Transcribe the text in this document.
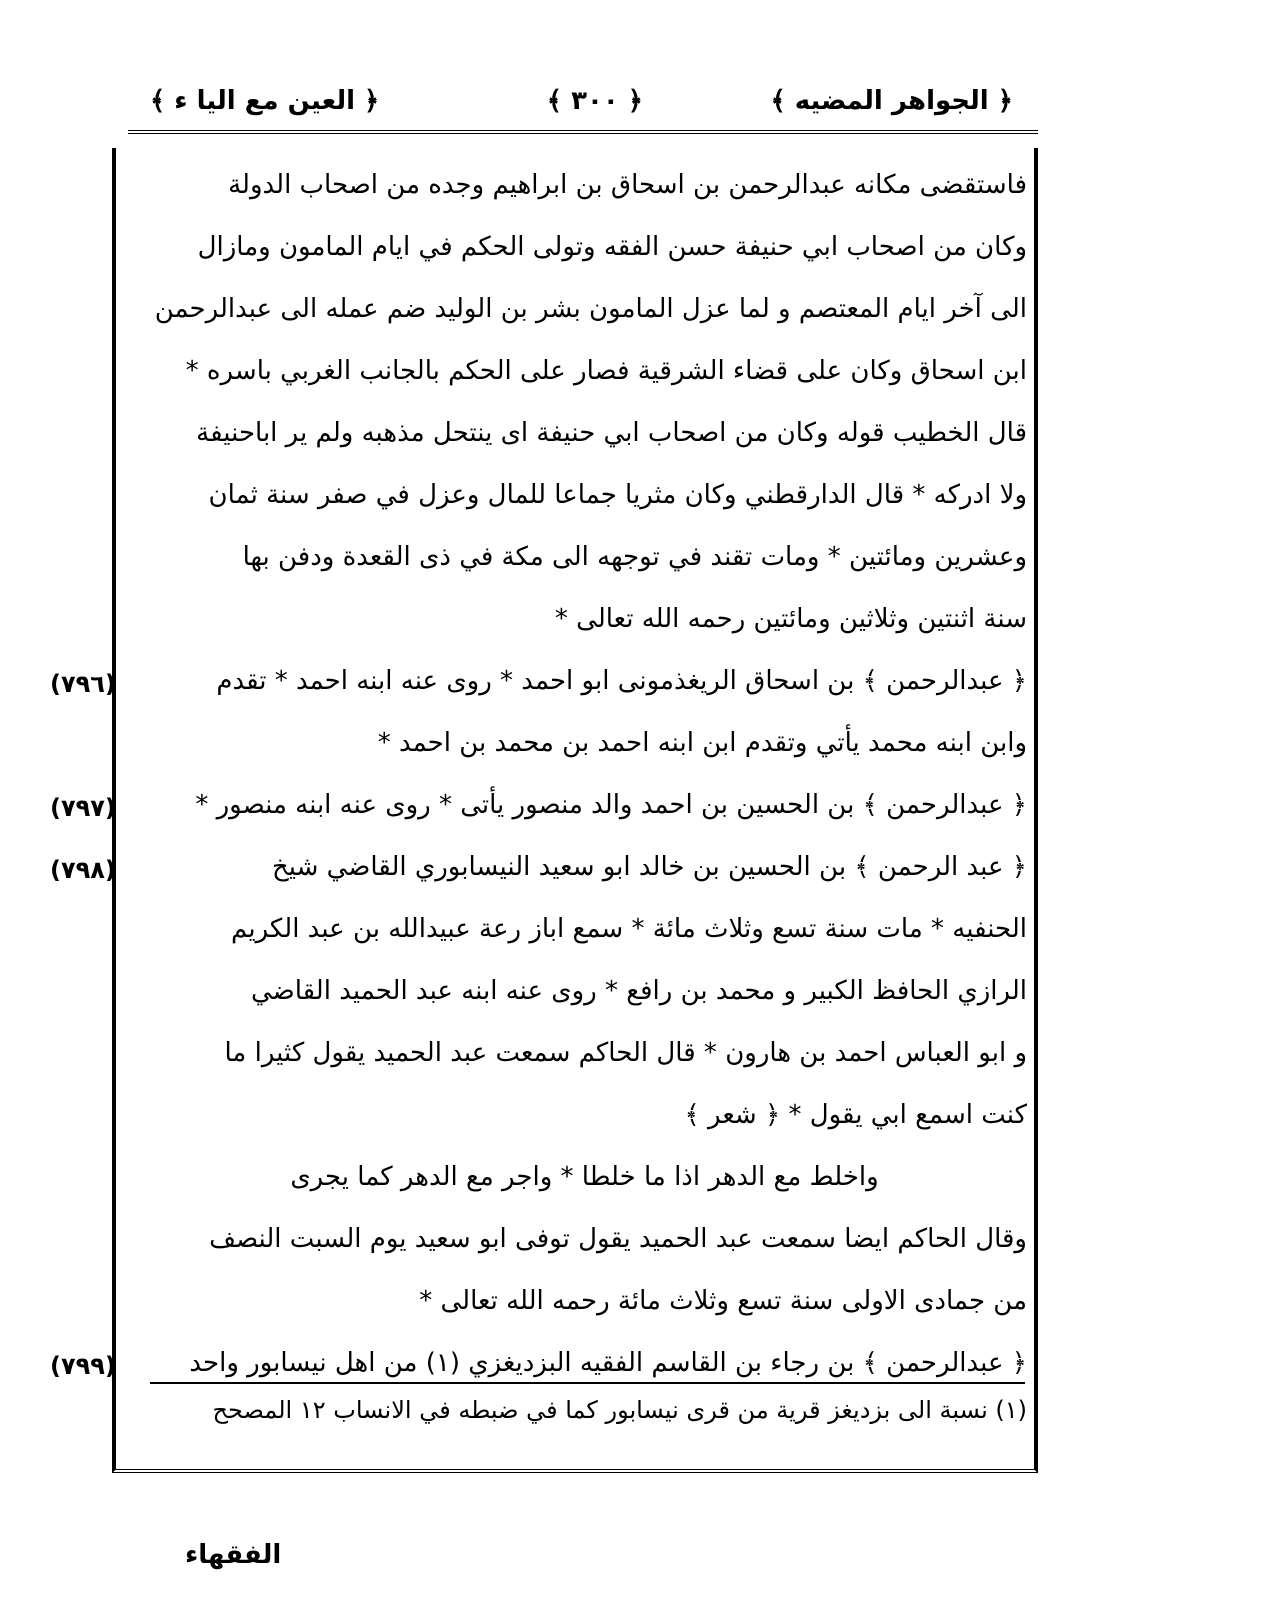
﴿ الجواهر المضيه ﴾
﴿ ٣٠٠ ﴾
﴿ العين مع اليا ء ﴾
فاستقضى مكانه عبدالرحمن بن اسحاق بن ابراهيم وجده من اصحاب الدولة
وكان من اصحاب ابي حنيفة حسن الفقه وتولى الحكم في ايام المامون ومازال
الى آخر ايام المعتصم و لما عزل المامون بشر بن الوليد ضم عمله الى عبدالرحمن
ابن اسحاق وكان على قضاء الشرقية فصار على الحكم بالجانب الغربي باسره *
قال الخطيب قوله وكان من اصحاب ابي حنيفة اى ينتحل مذهبه ولم ير اباحنيفة
ولا ادركه * قال الدارقطني وكان مثريا جماعا للمال وعزل في صفر سنة ثمان
وعشرين ومائتين * ومات تقند في توجهه الى مكة في ذى القعدة ودفن بها
سنة اثنتين وثلاثين ومائتين رحمه الله تعالى *
﴿ عبدالرحمن ﴾ بن اسحاق الريغذمونى ابو احمد * روى عنه ابنه احمد * تقدم
وابن ابنه محمد يأتي وتقدم ابن ابنه احمد بن محمد بن احمد *
﴿ عبدالرحمن ﴾ بن الحسين بن احمد والد منصور يأتى * روى عنه ابنه منصور *
﴿ عبد الرحمن ﴾ بن الحسين بن خالد ابو سعيد النيسابوري القاضي شيخ
الحنفيه * مات سنة تسع وثلاث مائة * سمع اباز رعة عبيدالله بن عبد الكريم
الرازي الحافظ الكبير و محمد بن رافع * روى عنه ابنه عبد الحميد القاضي
و ابو العباس احمد بن هارون * قال الحاكم سمعت عبد الحميد يقول كثيرا ما
كنت اسمع ابي يقول * ﴿ شعر ﴾
واخلط مع الدهر اذا ما خلطا * واجر مع الدهر كما يجرى
وقال الحاكم ايضا سمعت عبد الحميد يقول توفى ابو سعيد يوم السبت النصف
من جمادى الاولى سنة تسع وثلاث مائة رحمه الله تعالى *
﴿ عبدالرحمن ﴾ بن رجاء بن القاسم الفقيه البزديغزي (١) من اهل نيسابور واحد
(٧٩٦)
(٧٩٧)
(٧٩٨)
(٧٩٩)
(١) نسبة الى بزديغز قرية من قرى نيسابور كما في ضبطه في الانساب ١٢ المصحح
الفقهاء
